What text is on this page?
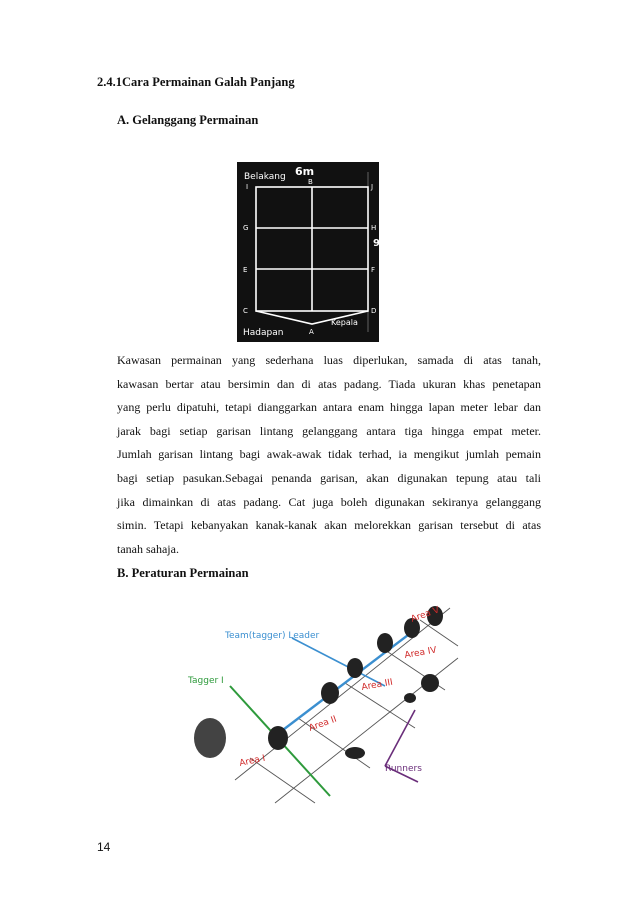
2.4.1Cara Permainan Galah Panjang
A. Gelanggang Permainan
6m
Belakang	B
I	J
G	H
9m
E	F
C	D
A
Kepala
Hadapan
Kawasan permainan yang sederhana luas diperlukan, samada di atas tanah,
kawasan bertar atau bersimin dan di atas padang. Tiada ukuran khas penetapan
yang perlu dipatuhi, tetapi dianggarkan antara enam hingga lapan meter lebar dan
jarak bagi setiap garisan lintang gelanggang antara tiga hingga empat meter.
Jumlah garisan lintang bagi awak-awak tidak terhad, ia mengikut jumlah pemain
bagi setiap pasukan.Sebagai penanda garisan, akan digunakan tepung atau tali
jika dimainkan di atas padang. Cat juga boleh digunakan sekiranya gelanggang
simin. Tetapi kebanyakan kanak-kanak akan melorekkan garisan tersebut di atas
tanah sahaja.
B. Peraturan Permainan
Team(tagger) Leader
Tagger I
Area I
Area II
Area III
Area IV
Area V
Runners
14
